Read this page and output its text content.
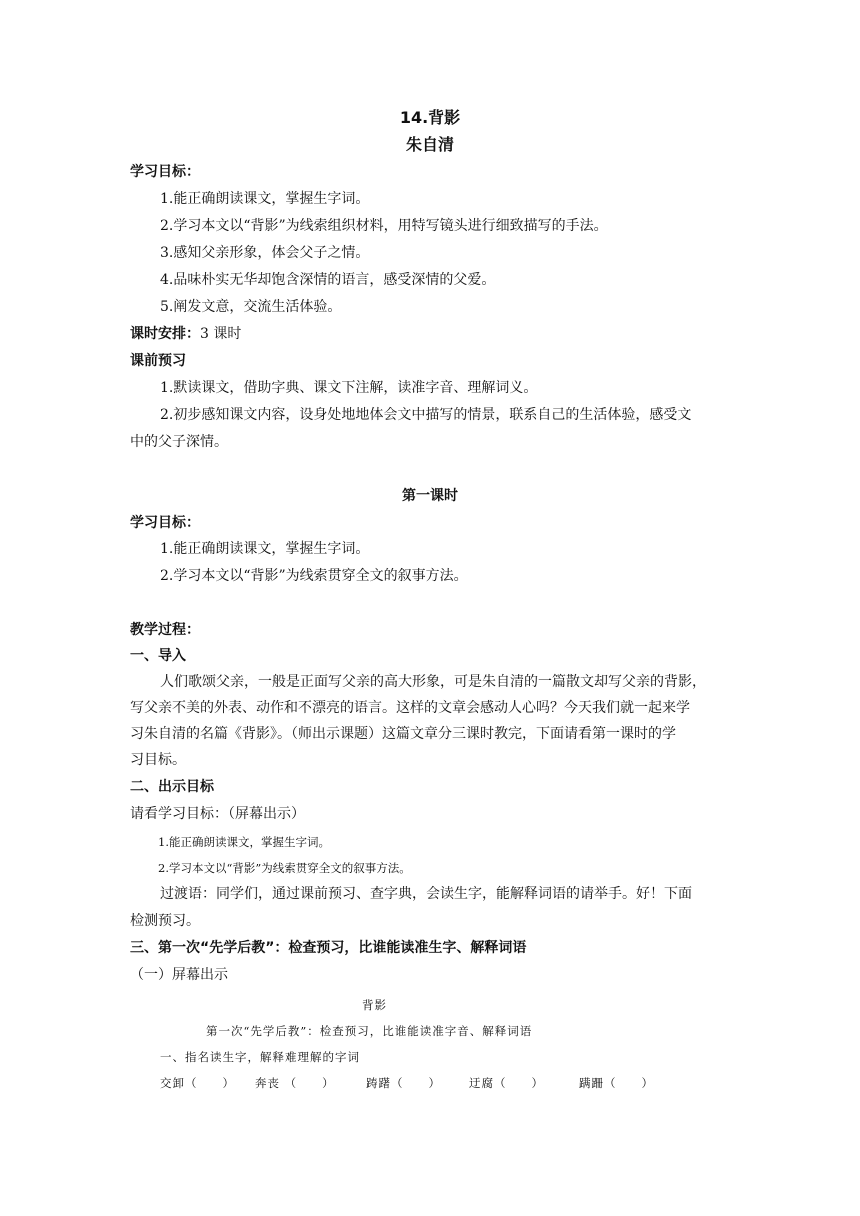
14.背影
朱自清
学习目标：
1.能正确朗读课文，掌握生字词。
2.学习本文以“背影”为线索组织材料，用特写镜头进行细致描写的手法。
3.感知父亲形象，体会父子之情。
4.品味朴实无华却饱含深情的语言，感受深情的父爱。
5.阐发文意，交流生活体验。
课时安排：3 课时
课前预习
1.默读课文，借助字典、课文下注解，读准字音、理解词义。
2.初步感知课文内容，设身处地地体会文中描写的情景，联系自己的生活体验，感受文
中的父子深情。
第一课时
学习目标：
1.能正确朗读课文，掌握生字词。
2.学习本文以“背影”为线索贯穿全文的叙事方法。
教学过程：
一、导入
人们歌颂父亲，一般是正面写父亲的高大形象，可是朱自清的一篇散文却写父亲的背影，
写父亲不美的外表、动作和不漂亮的语言。这样的文章会感动人心吗？今天我们就一起来学
习朱自清的名篇《背影》。（师出示课题）这篇文章分三课时教完，下面请看第一课时的学
习目标。
二、出示目标
请看学习目标：（屏幕出示）
1.能正确朗读课文，掌握生字词。
2.学习本文以“背影”为线索贯穿全文的叙事方法。
过渡语：同学们，通过课前预习、查字典，会读生字，能解释词语的请举手。好！下面
检测预习。
三、第一次“先学后教”：检查预习，比谁能读准生字、解释词语
（一）屏幕出示
背影
第一次“先学后教”：检查预习，比谁能读准字音、解释词语
一、指名读生字，解释难理解的字词
交卸（　　） 奔丧 （　　）	踌躇（　　） 迂腐（　　）	蹒跚（　　）
